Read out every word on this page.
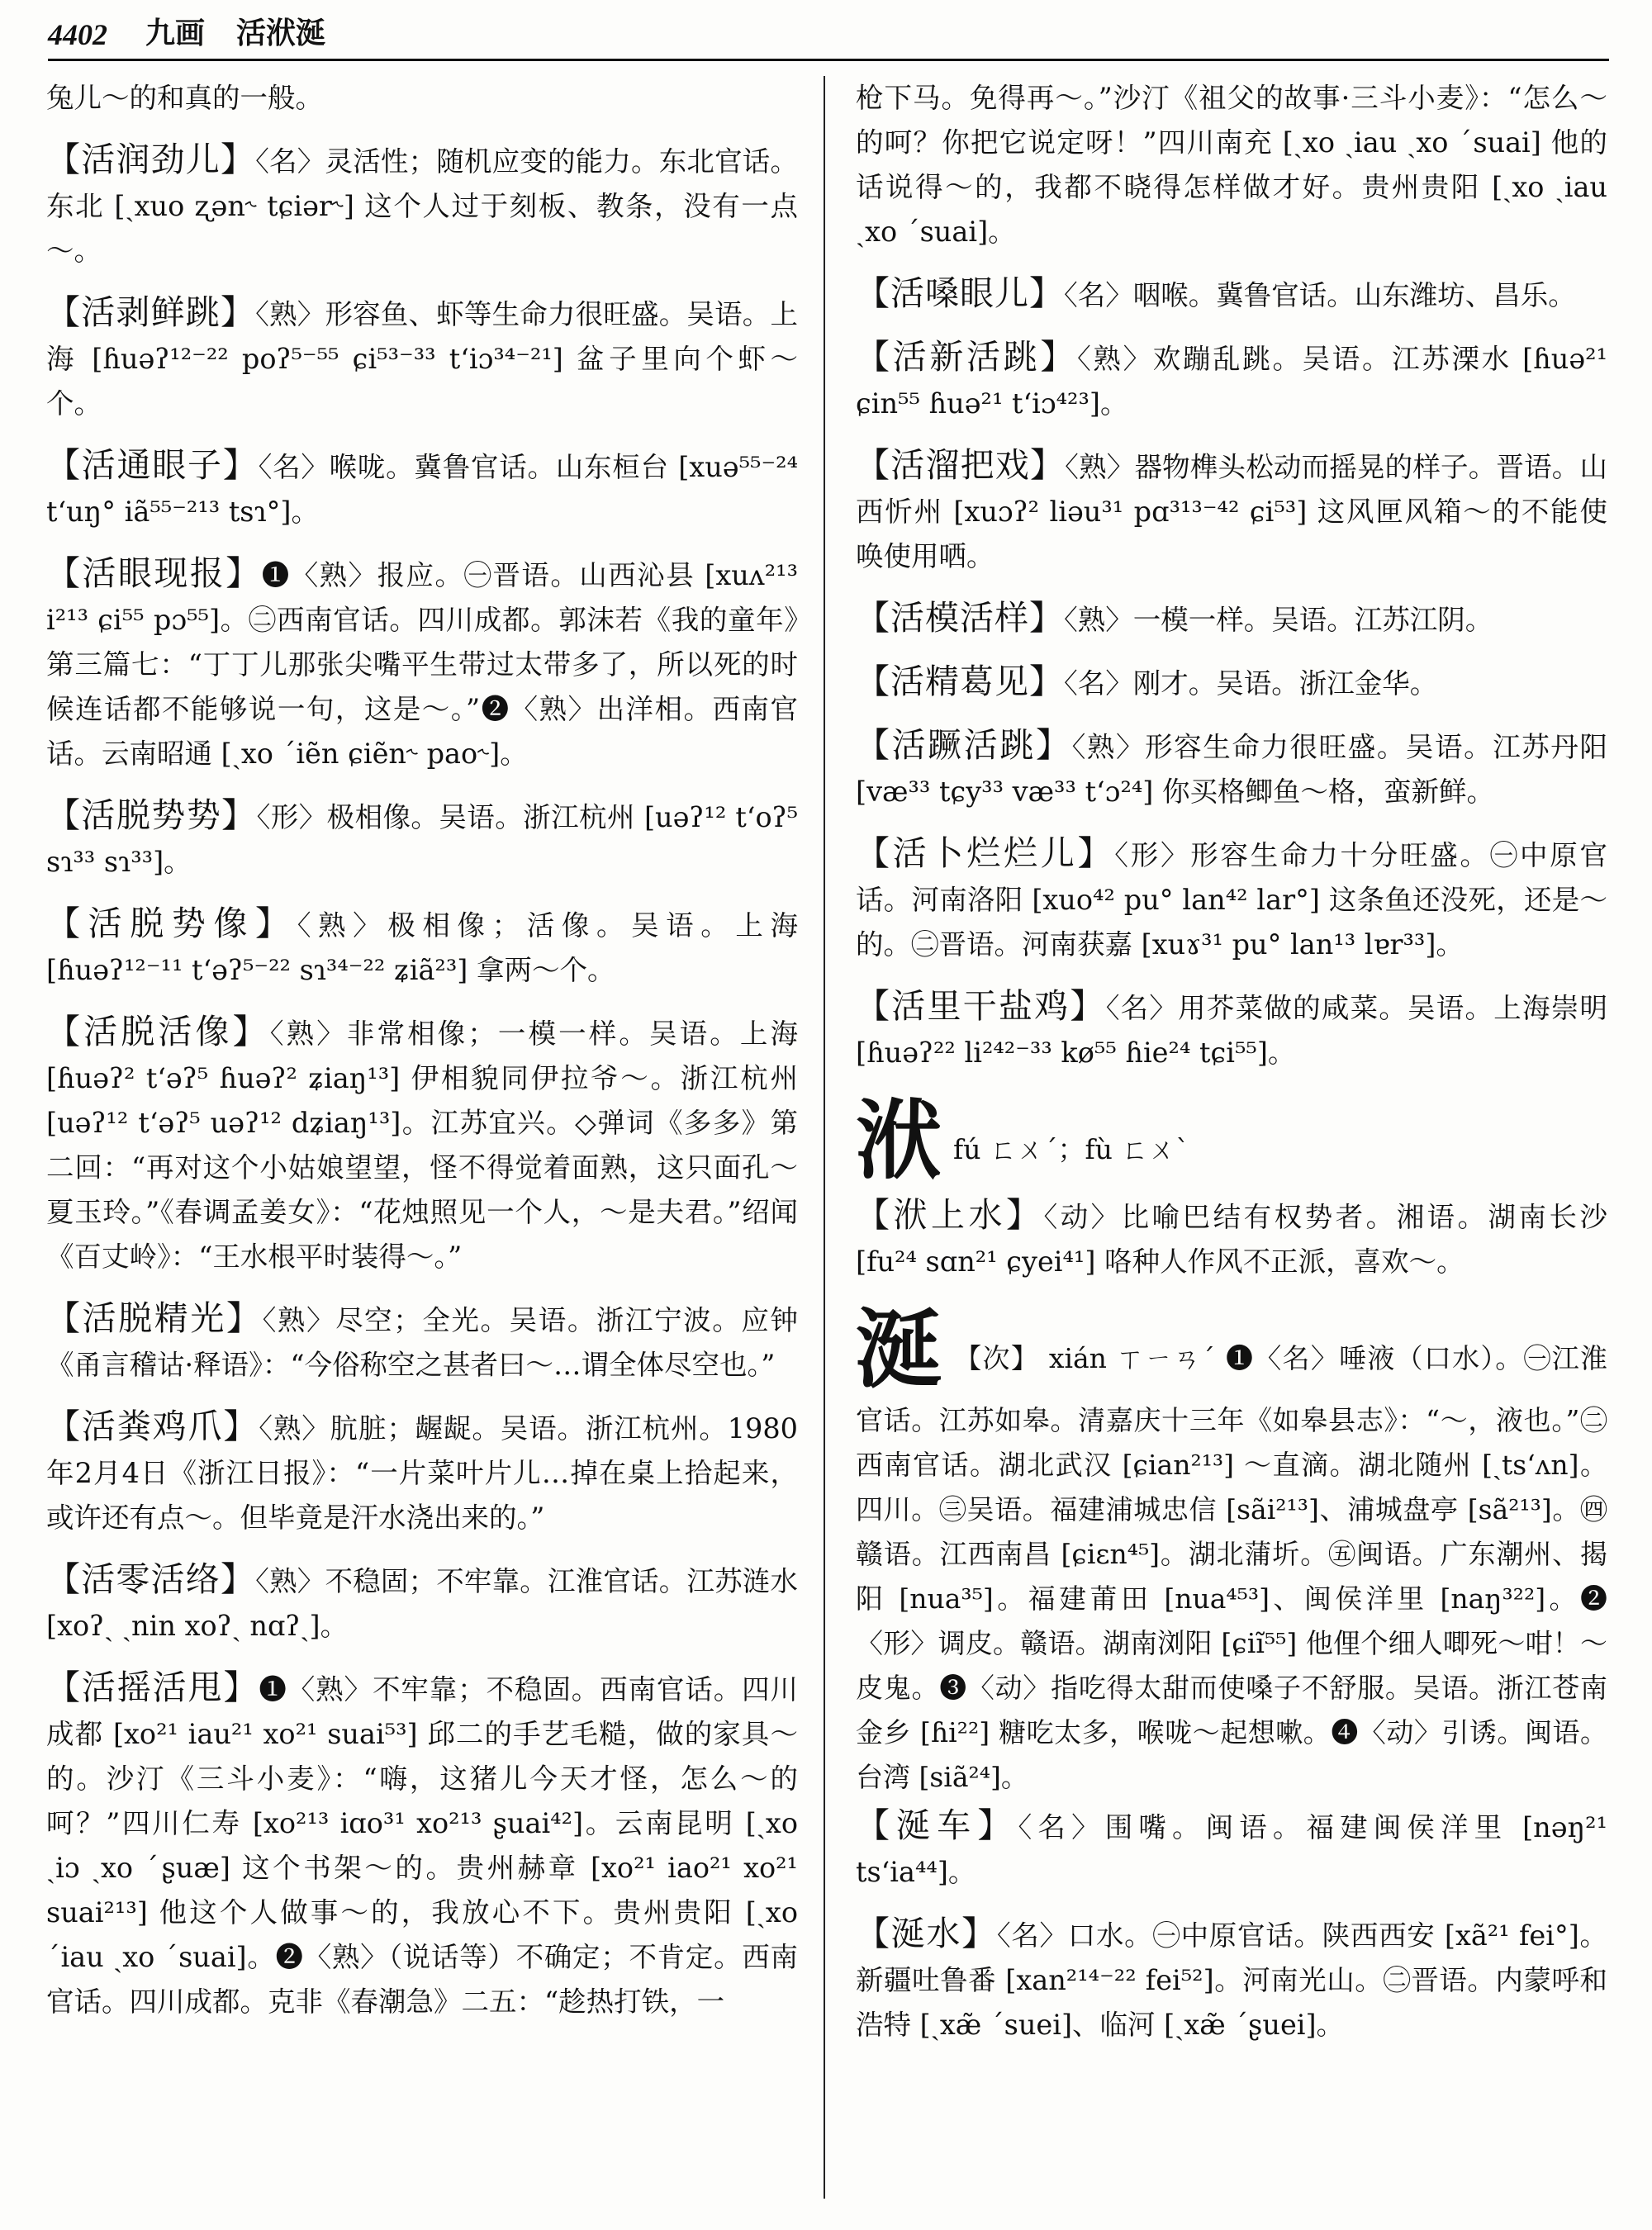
4402 九画 活洑涎
兔儿～的和真的一般。
【活润劲儿】〈名〉灵活性；随机应变的能力。东北官话。东北 [ˏxuo ʐən˞ tɕiər˞] 这个人过于刻板、教条，没有一点～。
【活剥鲜跳】〈熟〉形容鱼、虾等生命力很旺盛。吴语。上海 [ɦuəʔ¹²⁻²² poʔ⁵⁻⁵⁵ ɕi⁵³⁻³³ tʻiɔ³⁴⁻²¹] 盆子里向个虾～个。
【活通眼子】〈名〉喉咙。冀鲁官话。山东桓台 [xuə⁵⁵⁻²⁴ tʻuŋ° iã⁵⁵⁻²¹³ tsɿ°]。
【活眼现报】❶〈熟〉报应。㊀晋语。山西沁县 [xuʌ²¹³ i²¹³ ɕi⁵⁵ pɔ⁵⁵]。㊁西南官话。四川成都。郭沫若《我的童年》第三篇七：“丁丁儿那张尖嘴平生带过太带多了，所以死的时候连话都不能够说一句，这是～。”❷〈熟〉出洋相。西南官话。云南昭通 [ˏxo ˊiẽn ɕiẽn˞ pao˞]。
【活脱势势】〈形〉极相像。吴语。浙江杭州 [uəʔ¹² tʻoʔ⁵ sɿ³³ sɿ³³]。
【活脱势像】〈熟〉极相像；活像。吴语。上海 [ɦuəʔ¹²⁻¹¹ tʻəʔ⁵⁻²² sɿ³⁴⁻²² ʑiã²³] 拿两～个。
【活脱活像】〈熟〉非常相像；一模一样。吴语。上海 [ɦuəʔ² tʻəʔ⁵ ɦuəʔ² ʑiaŋ¹³] 伊相貌同伊拉爷～。浙江杭州 [uəʔ¹² tʻəʔ⁵ uəʔ¹² dʑiaŋ¹³]。江苏宜兴。◇弹词《多多》第二回：“再对这个小姑娘望望，怪不得觉着面熟，这只面孔～夏玉玲。”《春调孟姜女》：“花烛照见一个人，～是夫君。”绍闻《百丈岭》：“王水根平时装得～。”
【活脱精光】〈熟〉尽空；全光。吴语。浙江宁波。应钟《甬言稽诂·释语》：“今俗称空之甚者曰～…谓全体尽空也。”
【活粪鸡爪】〈熟〉肮脏；龌龊。吴语。浙江杭州。1980年2月4日《浙江日报》：“一片菜叶片儿…掉在桌上拾起来，或许还有点～。但毕竟是汗水浇出来的。”
【活零活络】〈熟〉不稳固；不牢靠。江淮官话。江苏涟水 [xoʔˎ ˏnin xoʔˎ nɑʔˎ]。
【活摇活甩】❶〈熟〉不牢靠；不稳固。西南官话。四川成都 [xo²¹ iau²¹ xo²¹ suai⁵³] 邱二的手艺毛糙，做的家具～的。沙汀《三斗小麦》：“嗨，这猪儿今天才怪，怎么～的呵？”四川仁寿 [xo²¹³ iɑo³¹ xo²¹³ ʂuai⁴²]。云南昆明 [ˏxo ˏiɔ ˏxo ˊʂuæ] 这个书架～的。贵州赫章 [xo²¹ iao²¹ xo²¹ suai²¹³] 他这个人做事～的，我放心不下。贵州贵阳 [ˏxo ˊiau ˏxo ˊsuai]。❷〈熟〉（说话等）不确定；不肯定。西南官话。四川成都。克非《春潮急》二五：“趁热打铁，一
枪下马。免得再～。”沙汀《祖父的故事·三斗小麦》：“怎么～的呵？你把它说定呀！”四川南充 [ˏxo ˏiau ˏxo ˊsuai] 他的话说得～的，我都不晓得怎样做才好。贵州贵阳 [ˏxo ˏiau ˏxo ˊsuai]。
【活嗓眼儿】〈名〉咽喉。冀鲁官话。山东潍坊、昌乐。
【活新活跳】〈熟〉欢蹦乱跳。吴语。江苏溧水 [ɦuə²¹ ɕin⁵⁵ ɦuə²¹ tʻiɔ⁴²³]。
【活溜把戏】〈熟〉器物榫头松动而摇晃的样子。晋语。山西忻州 [xuɔʔ² liəu³¹ pɑ³¹³⁻⁴² ɕi⁵³] 这风匣风箱～的不能使唤使用哂。
【活模活样】〈熟〉一模一样。吴语。江苏江阴。
【活精葛见】〈名〉刚才。吴语。浙江金华。
【活蹶活跳】〈熟〉形容生命力很旺盛。吴语。江苏丹阳 [væ³³ tɕy³³ væ³³ tʻɔ²⁴] 你买格鲫鱼～格，蛮新鲜。
【活卜烂烂儿】〈形〉形容生命力十分旺盛。㊀中原官话。河南洛阳 [xuo⁴² pu° lan⁴² lar°] 这条鱼还没死，还是～的。㊁晋语。河南获嘉 [xuɤ³¹ pu° lan¹³ lɐr³³]。
【活里干盐鸡】〈名〉用芥菜做的咸菜。吴语。上海崇明 [ɦuəʔ²² li²⁴²⁻³³ kø⁵⁵ ɦie²⁴ tɕi⁵⁵]。
洑fú ㄈㄨˊ；fù ㄈㄨˋ
【洑上水】〈动〉比喻巴结有权势者。湘语。湖南长沙 [fu²⁴ sɑn²¹ ɕyei⁴¹] 咯种人作风不正派，喜欢～。
涎 【次】 xián ㄒㄧㄢˊ ❶〈名〉唾液（口水）。㊀江淮官话。江苏如皋。清嘉庆十三年《如皋县志》：“～，液也。”㊁西南官话。湖北武汉 [ɕian²¹³] ～直滴。湖北随州 [ˏtsʻʌn]。四川。㊂吴语。福建浦城忠信 [sãi²¹³]、浦城盘亭 [sã²¹³]。㊃赣语。江西南昌 [ɕiɛn⁴⁵]。湖北蒲圻。㊄闽语。广东潮州、揭阳 [nua³⁵]。福建莆田 [nua⁴⁵³]、闽侯洋里 [naŋ³²²]。❷〈形〉调皮。赣语。湖南浏阳 [ɕiĩ⁵⁵] 他俚个细人唧死～咁！～皮鬼。❸〈动〉指吃得太甜而使嗓子不舒服。吴语。浙江苍南金乡 [ɦi²²] 糖吃太多，喉咙～起想嗽。❹〈动〉引诱。闽语。台湾 [siã²⁴]。
【涎车】〈名〉围嘴。闽语。福建闽侯洋里 [nəŋ²¹ tsʻia⁴⁴]。
【涎水】〈名〉口水。㊀中原官话。陕西西安 [xã²¹ fei°]。新疆吐鲁番 [xan²¹⁴⁻²² fei⁵²]。河南光山。㊁晋语。内蒙呼和浩特 [ˏxæ̃ ˊsuei]、临河 [ˏxæ̃ ˊʂuei]。
